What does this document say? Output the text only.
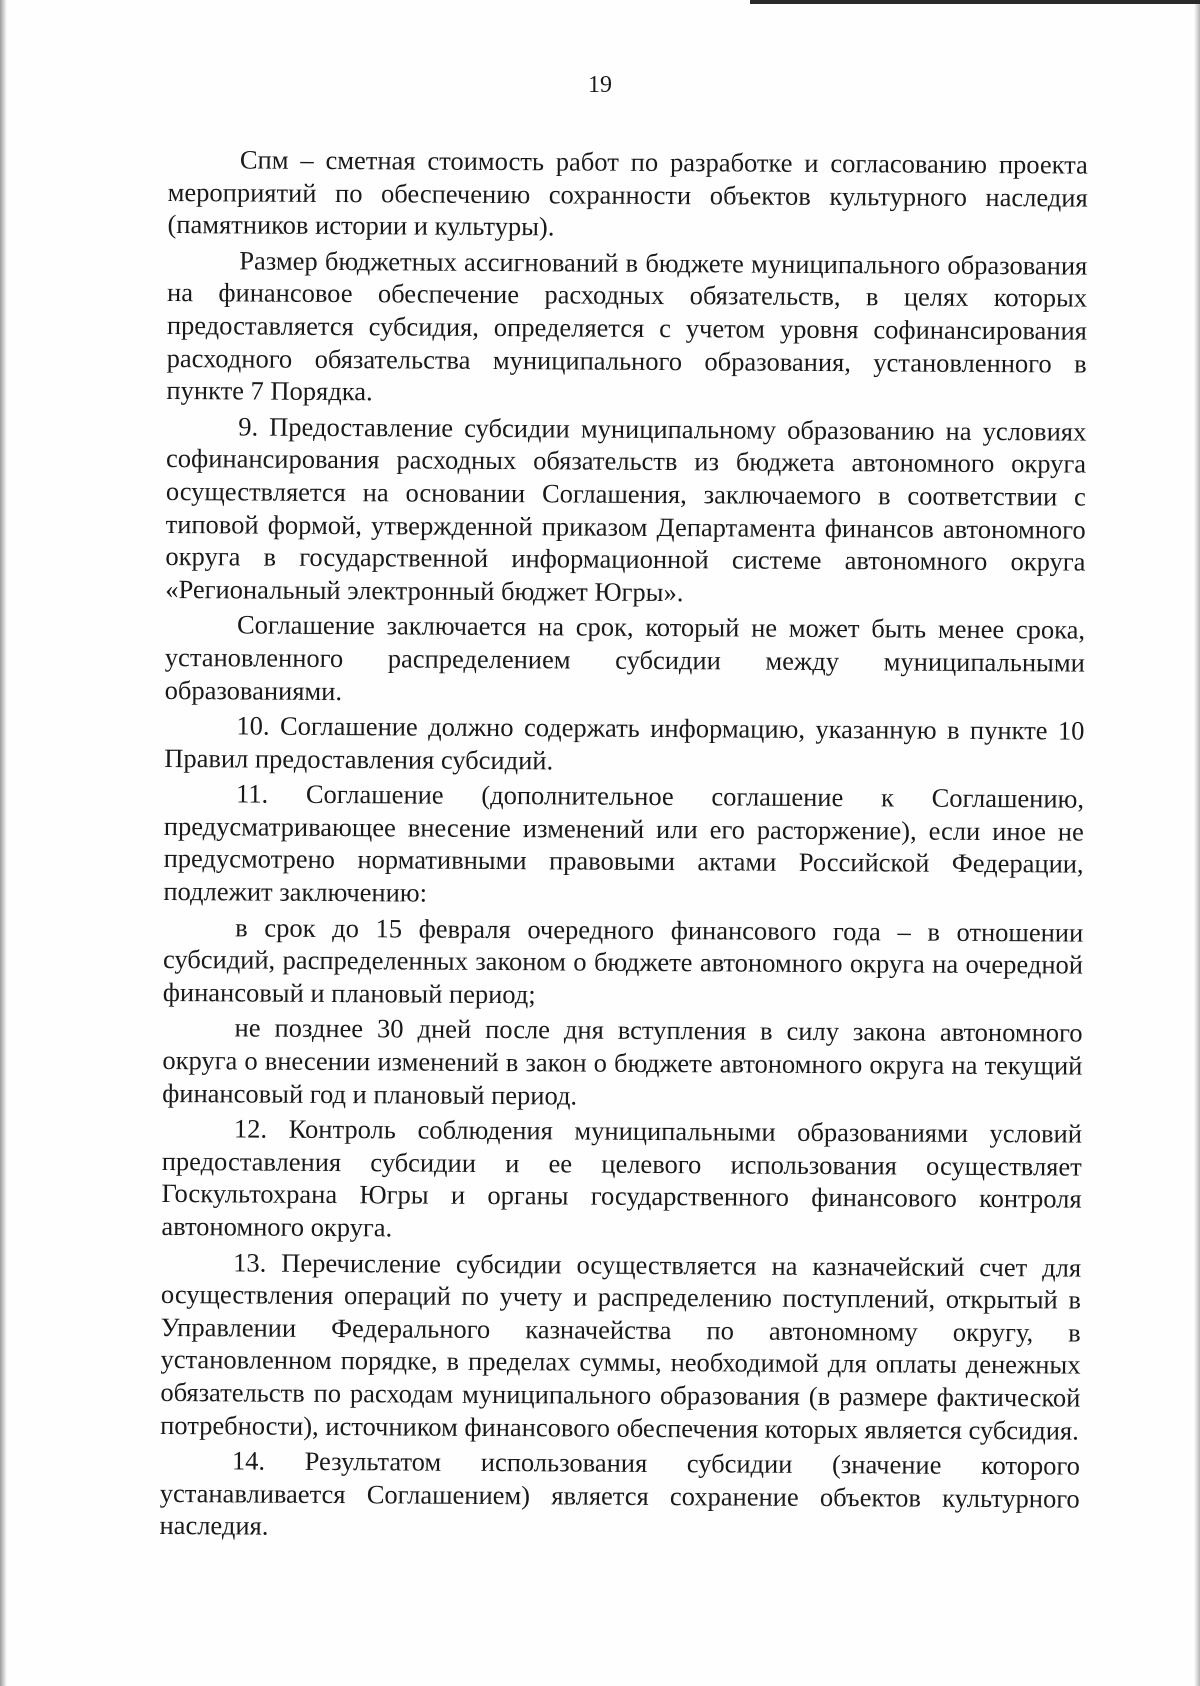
19

Спм – сметная стоимость работ по разработке и согласованию проекта мероприятий по обеспечению сохранности объектов культурного наследия (памятников истории и культуры).

Размер бюджетных ассигнований в бюджете муниципального образования на финансовое обеспечение расходных обязательств, в целях которых предоставляется субсидия, определяется с учетом уровня софинансирования расходного обязательства муниципального образования, установленного в пункте 7 Порядка.

9. Предоставление субсидии муниципальному образованию на условиях софинансирования расходных обязательств из бюджета автономного округа осуществляется на основании Соглашения, заключаемого в соответствии с типовой формой, утвержденной приказом Департамента финансов автономного округа в государственной информационной системе автономного округа «Региональный электронный бюджет Югры».

Соглашение заключается на срок, который не может быть менее срока, установленного распределением субсидии между муниципальными образованиями.

10. Соглашение должно содержать информацию, указанную в пункте 10 Правил предоставления субсидий.

11. Соглашение (дополнительное соглашение к Соглашению, предусматривающее внесение изменений или его расторжение), если иное не предусмотрено нормативными правовыми актами Российской Федерации, подлежит заключению:

в срок до 15 февраля очередного финансового года – в отношении субсидий, распределенных законом о бюджете автономного округа на очередной финансовый и плановый период;

не позднее 30 дней после дня вступления в силу закона автономного округа о внесении изменений в закон о бюджете автономного округа на текущий финансовый год и плановый период.

12. Контроль соблюдения муниципальными образованиями условий предоставления субсидии и ее целевого использования осуществляет Госкультохрана Югры и органы государственного финансового контроля автономного округа.

13. Перечисление субсидии осуществляется на казначейский счет для осуществления операций по учету и распределению поступлений, открытый в Управлении Федерального казначейства по автономному округу, в установленном порядке, в пределах суммы, необходимой для оплаты денежных обязательств по расходам муниципального образования (в размере фактической потребности), источником финансового обеспечения которых является субсидия.

14. Результатом использования субсидии (значение которого устанавливается Соглашением) является сохранение объектов культурного наследия.
